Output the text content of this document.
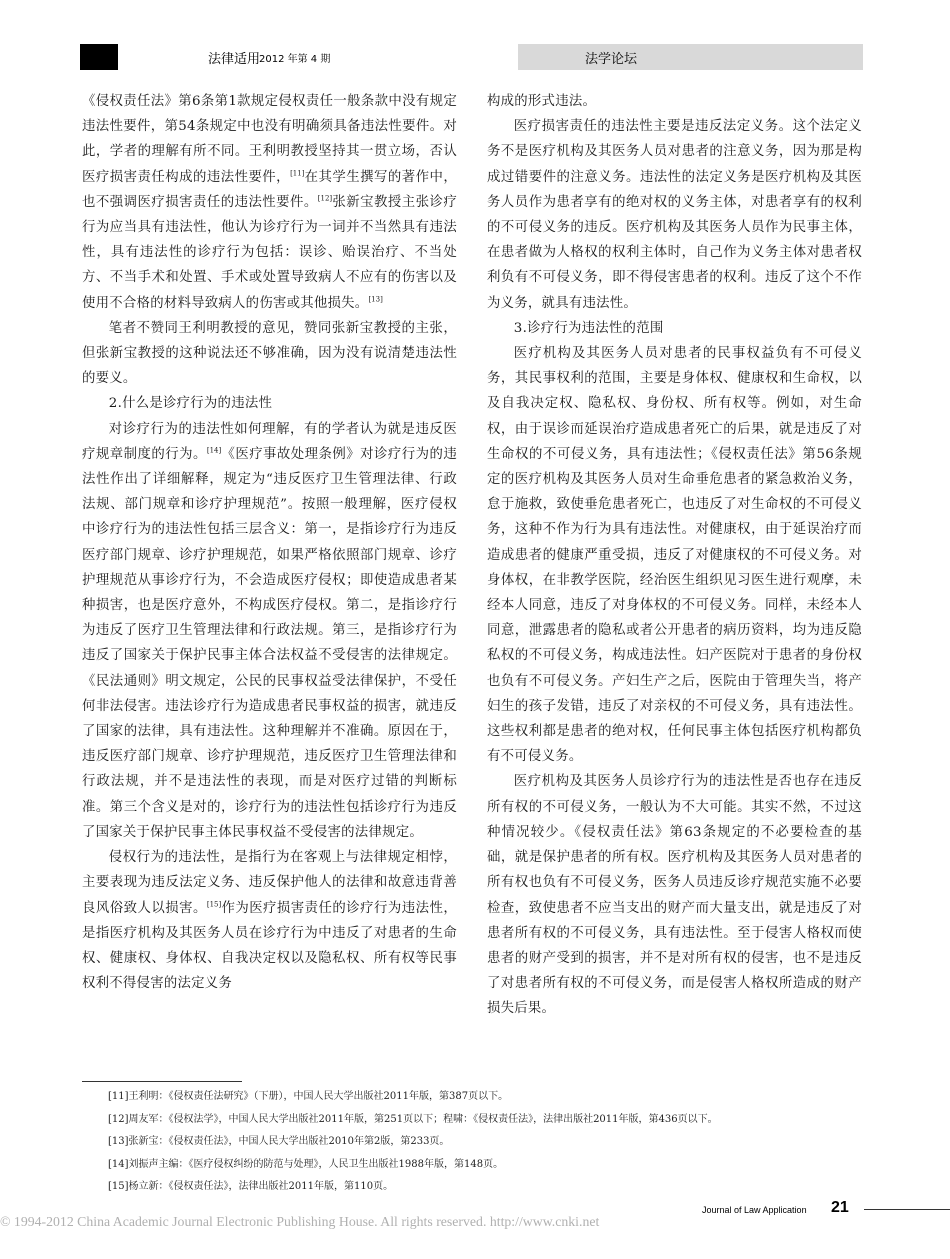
法律适用
2012 年第 4 期	法学论坛

《侵权责任法》第6条第1款规定侵权责任一般条款中没有规定违法性要件，第54条规定中也没有明确须具备违法性要件。对此，学者的理解有所不同。王利明教授坚持其一贯立场，否认医疗损害责任构成的违法性要件，[11]在其学生撰写的著作中，也不强调医疗损害责任的违法性要件。[12]张新宝教授主张诊疗行为应当具有违法性，他认为诊疗行为一词并不当然具有违法性，具有违法性的诊疗行为包括：误诊、贻误治疗、不当处方、不当手术和处置、手术或处置导致病人不应有的伤害以及使用不合格的材料导致病人的伤害或其他损失。[13]

笔者不赞同王利明教授的意见，赞同张新宝教授的主张，但张新宝教授的这种说法还不够准确，因为没有说清楚违法性的要义。

2.什么是诊疗行为的违法性

对诊疗行为的违法性如何理解，有的学者认为就是违反医疗规章制度的行为。[14]《医疗事故处理条例》对诊疗行为的违法性作出了详细解释，规定为“违反医疗卫生管理法律、行政法规、部门规章和诊疗护理规范”。按照一般理解，医疗侵权中诊疗行为的违法性包括三层含义：第一，是指诊疗行为违反医疗部门规章、诊疗护理规范，如果严格依照部门规章、诊疗护理规范从事诊疗行为，不会造成医疗侵权；即使造成患者某种损害，也是医疗意外，不构成医疗侵权。第二，是指诊疗行为违反了医疗卫生管理法律和行政法规。第三，是指诊疗行为违反了国家关于保护民事主体合法权益不受侵害的法律规定。《民法通则》明文规定，公民的民事权益受法律保护，不受任何非法侵害。违法诊疗行为造成患者民事权益的损害，就违反了国家的法律，具有违法性。这种理解并不准确。原因在于，违反医疗部门规章、诊疗护理规范，违反医疗卫生管理法律和行政法规，并不是违法性的表现，而是对医疗过错的判断标准。第三个含义是对的，诊疗行为的违法性包括诊疗行为违反了国家关于保护民事主体民事权益不受侵害的法律规定。

侵权行为的违法性，是指行为在客观上与法律规定相悖，主要表现为违反法定义务、违反保护他人的法律和故意违背善良风俗致人以损害。[15]作为医疗损害责任的诊疗行为违法性，是指医疗机构及其医务人员在诊疗行为中违反了对患者的生命权、健康权、身体权、自我决定权以及隐私权、所有权等民事权利不得侵害的法定义务

构成的形式违法。

医疗损害责任的违法性主要是违反法定义务。这个法定义务不是医疗机构及其医务人员对患者的注意义务，因为那是构成过错要件的注意义务。违法性的法定义务是医疗机构及其医务人员作为患者享有的绝对权的义务主体，对患者享有的权利的不可侵义务的违反。医疗机构及其医务人员作为民事主体，在患者做为人格权的权利主体时，自己作为义务主体对患者权利负有不可侵义务，即不得侵害患者的权利。违反了这个不作为义务，就具有违法性。

3.诊疗行为违法性的范围

医疗机构及其医务人员对患者的民事权益负有不可侵义务，其民事权利的范围，主要是身体权、健康权和生命权，以及自我决定权、隐私权、身份权、所有权等。例如，对生命权，由于误诊而延误治疗造成患者死亡的后果，就是违反了对生命权的不可侵义务，具有违法性；《侵权责任法》第56条规定的医疗机构及其医务人员对生命垂危患者的紧急救治义务，怠于施救，致使垂危患者死亡，也违反了对生命权的不可侵义务，这种不作为行为具有违法性。对健康权，由于延误治疗而造成患者的健康严重受损，违反了对健康权的不可侵义务。对身体权，在非教学医院，经治医生组织见习医生进行观摩，未经本人同意，违反了对身体权的不可侵义务。同样，未经本人同意，泄露患者的隐私或者公开患者的病历资料，均为违反隐私权的不可侵义务，构成违法性。妇产医院对于患者的身份权也负有不可侵义务。产妇生产之后，医院由于管理失当，将产妇生的孩子发错，违反了对亲权的不可侵义务，具有违法性。这些权利都是患者的绝对权，任何民事主体包括医疗机构都负有不可侵义务。

医疗机构及其医务人员诊疗行为的违法性是否也存在违反所有权的不可侵义务，一般认为不大可能。其实不然，不过这种情况较少。《侵权责任法》第63条规定的不必要检查的基础，就是保护患者的所有权。医疗机构及其医务人员对患者的所有权也负有不可侵义务，医务人员违反诊疗规范实施不必要检查，致使患者不应当支出的财产而大量支出，就是违反了对患者所有权的不可侵义务，具有违法性。至于侵害人格权而使患者的财产受到的损害，并不是对所有权的侵害，也不是违反了对患者所有权的不可侵义务，而是侵害人格权所造成的财产损失后果。

[11]王利明：《侵权责任法研究》（下册），中国人民大学出版社2011年版，第387页以下。

[12]周友军：《侵权法学》，中国人民大学出版社2011年版，第251页以下；程啸：《侵权责任法》，法律出版社2011年版，第436页以下。

[13]张新宝：《侵权责任法》，中国人民大学出版社2010年第2版，第233页。

[14]刘振声主编：《医疗侵权纠纷的防范与处理》，人民卫生出版社1988年版，第148页。

[15]杨立新：《侵权责任法》，法律出版社2011年版，第110页。

Journal of Law Application 21
© 1994-2012 China Academic Journal Electronic Publishing House. All rights reserved. http://www.cnki.net
